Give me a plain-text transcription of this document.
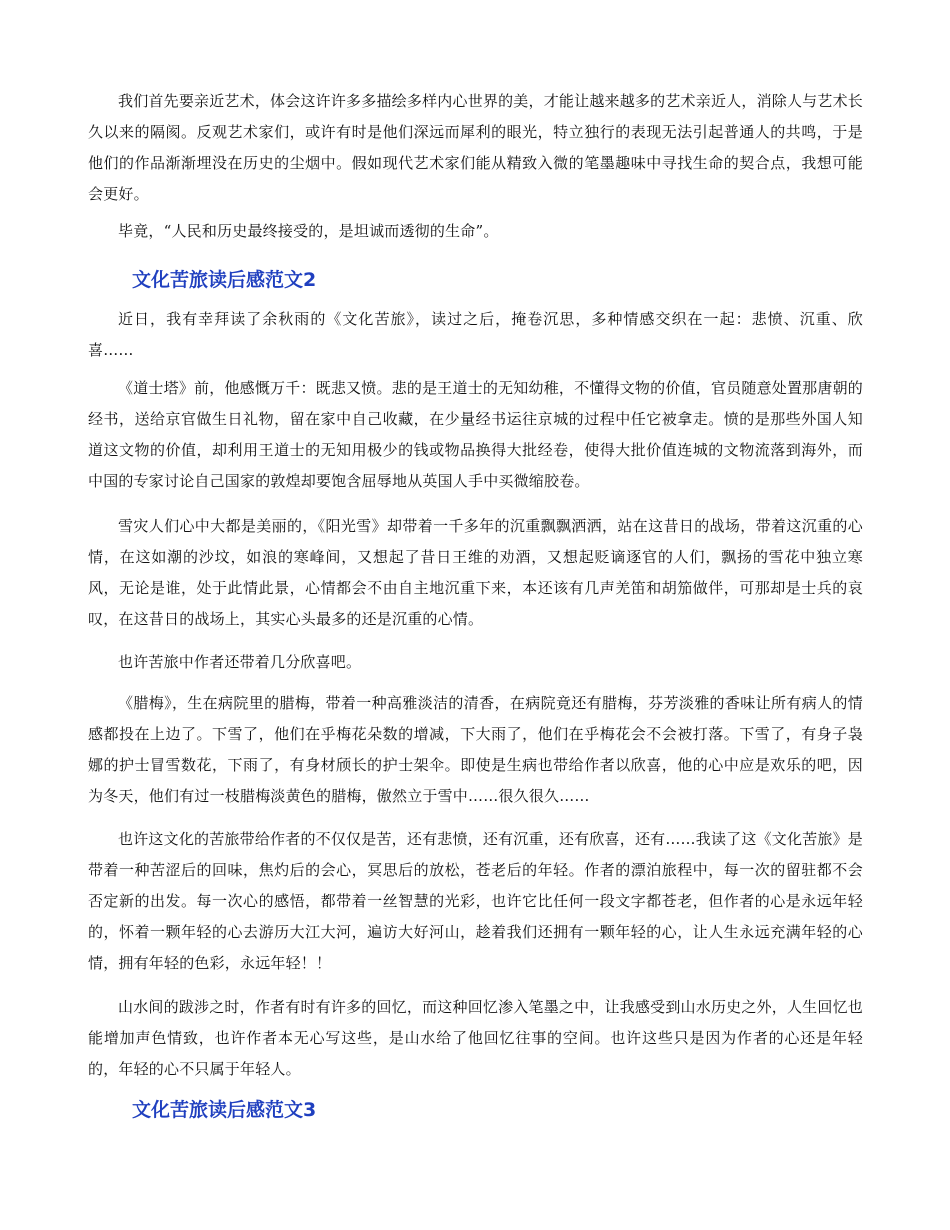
我们首先要亲近艺术，体会这许许多多描绘多样内心世界的美，才能让越来越多的艺术亲近人，消除人与艺术长久以来的隔阂。反观艺术家们，或许有时是他们深远而犀利的眼光，特立独行的表现无法引起普通人的共鸣，于是他们的作品渐渐埋没在历史的尘烟中。假如现代艺术家们能从精致入微的笔墨趣味中寻找生命的契合点，我想可能会更好。

毕竟，“人民和历史最终接受的，是坦诚而透彻的生命”。

文化苦旅读后感范文2

近日，我有幸拜读了余秋雨的《文化苦旅》，读过之后，掩卷沉思，多种情感交织在一起：悲愤、沉重、欣喜……

《道士塔》前，他感慨万千：既悲又愤。悲的是王道士的无知幼稚，不懂得文物的价值，官员随意处置那唐朝的经书，送给京官做生日礼物，留在家中自己收藏，在少量经书运往京城的过程中任它被拿走。愤的是那些外国人知道这文物的价值，却利用王道士的无知用极少的钱或物品换得大批经卷，使得大批价值连城的文物流落到海外，而中国的专家讨论自己国家的敦煌却要饱含屈辱地从英国人手中买微缩胶卷。

雪灾人们心中大都是美丽的，《阳光雪》却带着一千多年的沉重飘飘洒洒，站在这昔日的战场，带着这沉重的心情，在这如潮的沙坟，如浪的寒峰间，又想起了昔日王维的劝酒，又想起贬谪逐官的人们，飘扬的雪花中独立寒风，无论是谁，处于此情此景，心情都会不由自主地沉重下来，本还该有几声羌笛和胡笳做伴，可那却是士兵的哀叹，在这昔日的战场上，其实心头最多的还是沉重的心情。

也许苦旅中作者还带着几分欣喜吧。

《腊梅》，生在病院里的腊梅，带着一种高雅淡洁的清香，在病院竟还有腊梅，芬芳淡雅的香味让所有病人的情感都投在上边了。下雪了，他们在乎梅花朵数的增减，下大雨了，他们在乎梅花会不会被打落。下雪了，有身子袅娜的护士冒雪数花，下雨了，有身材颀长的护士架伞。即使是生病也带给作者以欣喜，他的心中应是欢乐的吧，因为冬天，他们有过一枝腊梅淡黄色的腊梅，傲然立于雪中……很久很久……

也许这文化的苦旅带给作者的不仅仅是苦，还有悲愤，还有沉重，还有欣喜，还有……我读了这《文化苦旅》是带着一种苦涩后的回味，焦灼后的会心，冥思后的放松，苍老后的年轻。作者的漂泊旅程中，每一次的留驻都不会否定新的出发。每一次心的感悟，都带着一丝智慧的光彩，也许它比任何一段文字都苍老，但作者的心是永远年轻的，怀着一颗年轻的心去游历大江大河，遍访大好河山，趁着我们还拥有一颗年轻的心，让人生永远充满年轻的心情，拥有年轻的色彩，永远年轻！！

山水间的跋涉之时，作者有时有许多的回忆，而这种回忆渗入笔墨之中，让我感受到山水历史之外，人生回忆也能增加声色情致，也许作者本无心写这些，是山水给了他回忆往事的空间。也许这些只是因为作者的心还是年轻的，年轻的心不只属于年轻人。

文化苦旅读后感范文3
